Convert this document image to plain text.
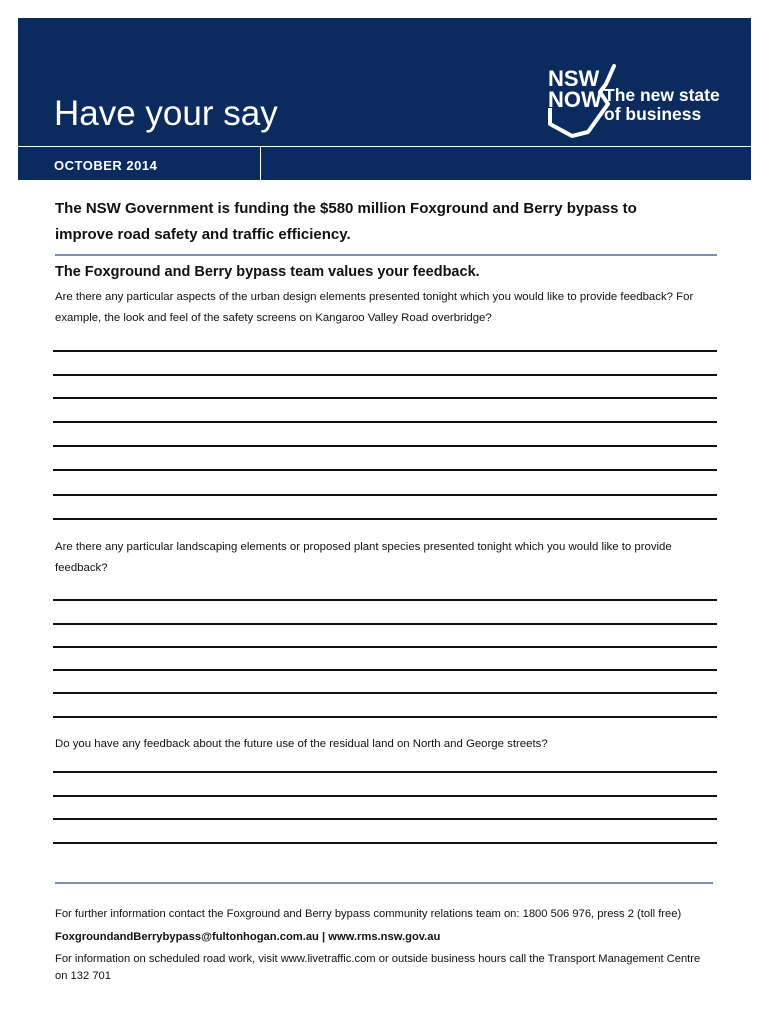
Have your say
NSW
NOW The new state
of business
OCTOBER 2014
The NSW Government is funding the $580 million Foxground and Berry bypass to improve road safety and traffic efficiency.
The Foxground and Berry bypass team values your feedback.
Are there any particular aspects of the urban design elements presented tonight which you would like to provide feedback? For example, the look and feel of the safety screens on Kangaroo Valley Road overbridge?
Are there any particular landscaping elements or proposed plant species presented tonight which you would like to provide feedback?
Do you have any feedback about the future use of the residual land on North and George streets?
For further information contact the Foxground and Berry bypass community relations team on: 1800 506 976, press 2 (toll free)
FoxgroundandBerrybypass@fultonhogan.com.au | www.rms.nsw.gov.au
For information on scheduled road work, visit www.livetraffic.com or outside business hours call the Transport Management Centre on 132 701
